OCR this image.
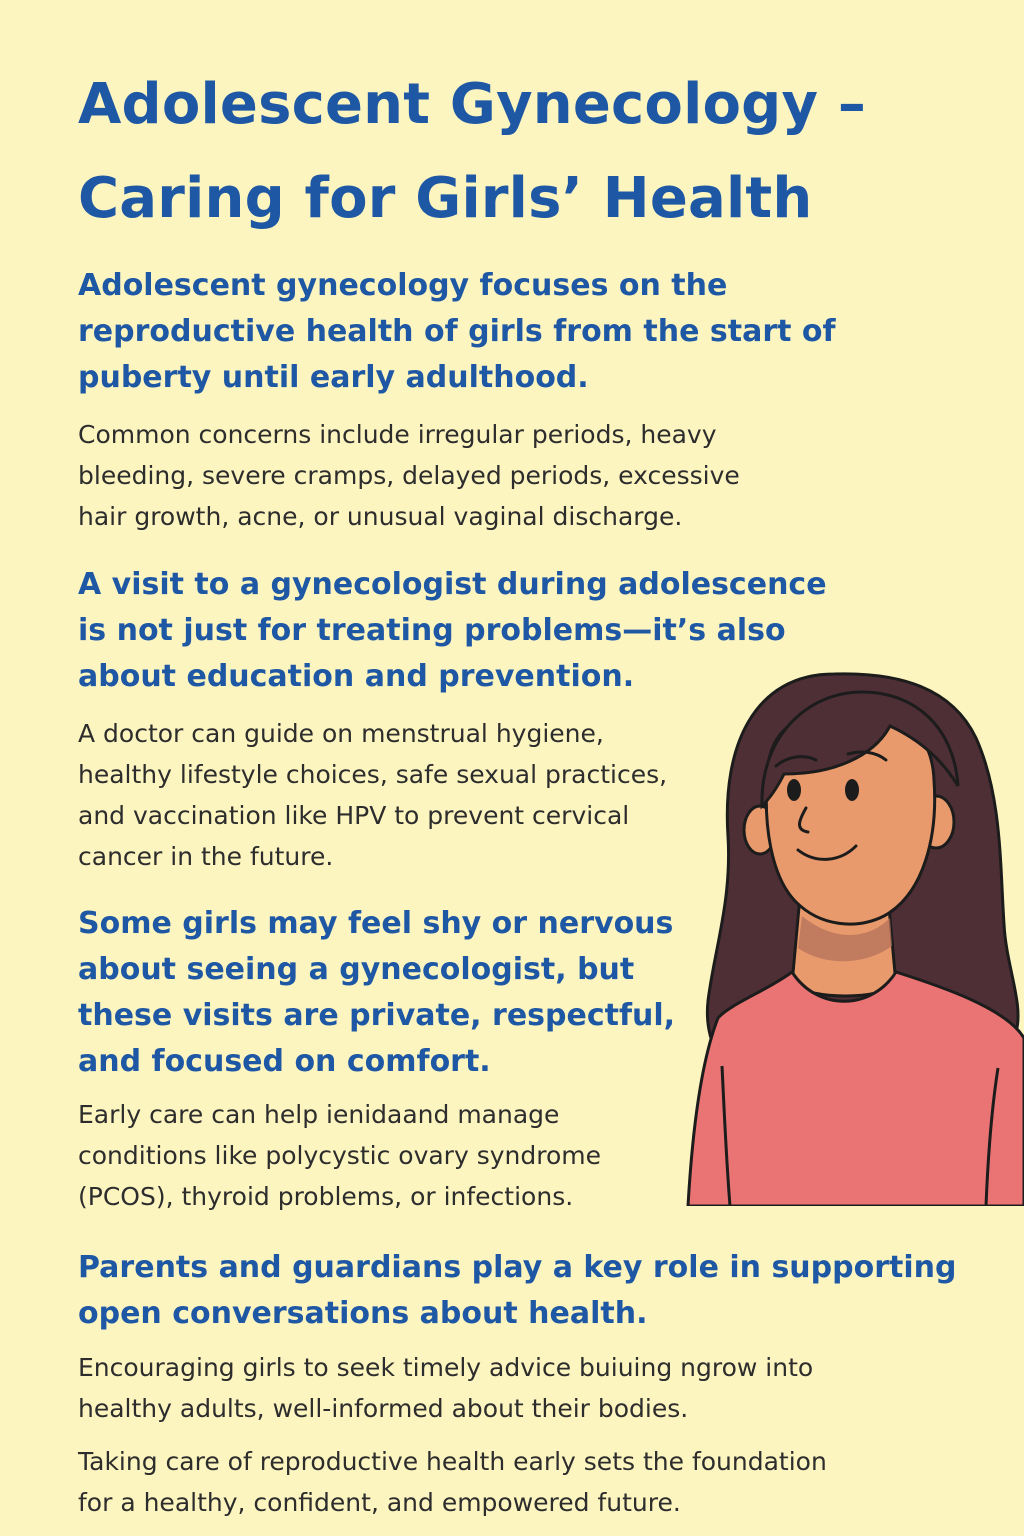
Adolescent Gynecology –
Caring for Girls’ Health
Adolescent gynecology focuses on the
reproductive health of girls from the start of
puberty until early adulthood.

Common concerns include irregular periods, heavy
bleeding, severe cramps, delayed periods, excessive
hair growth, acne, or unusual vaginal discharge.

A visit to a gynecologist during adolescence
is not just for treating problems—it’s also
about education and prevention.

A doctor can guide on menstrual hygiene,
healthy lifestyle choices, safe sexual practices,
and vaccination like HPV to prevent cervical
cancer in the future.

Some girls may feel shy or nervous
about seeing a gynecologist, but
these visits are private, respectful,
and focused on comfort.

Early care can help ienidaand manage
conditions like polycystic ovary syndrome
(PCOS), thyroid problems, or infections.

Parents and guardians play a key role in supporting
open conversations about health.

Encouraging girls to seek timely advice buiuing ngrow into
healthy adults, well-informed about their bodies.

Taking care of reproductive health early sets the foundation
for a healthy, confident, and empowered future.
